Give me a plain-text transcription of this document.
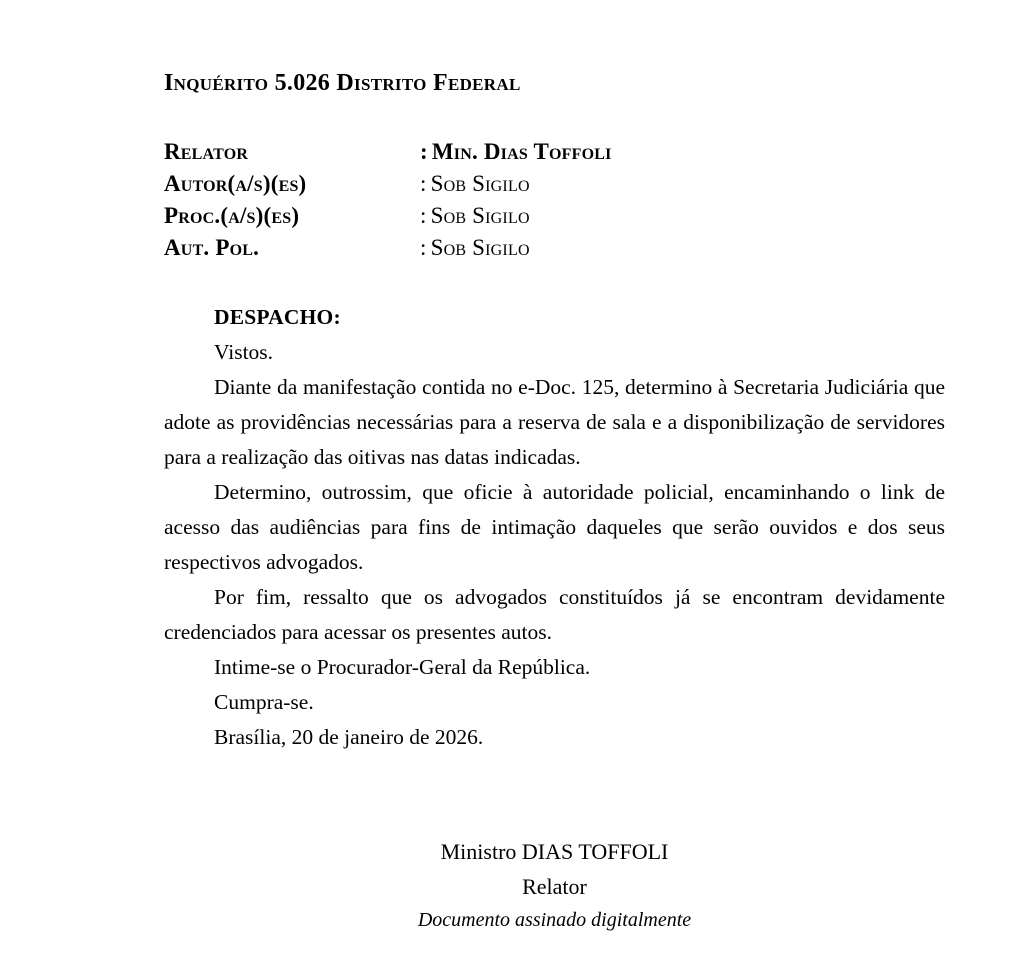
Inquérito 5.026 Distrito Federal
Relator	: Min. Dias Toffoli
Autor(a/s)(es)	: Sob Sigilo
Proc.(a/s)(es)	: Sob Sigilo
Aut. Pol.	: Sob Sigilo
DESPACHO:
Vistos.

Diante da manifestação contida no e-Doc. 125, determino à Secretaria Judiciária que adote as providências necessárias para a reserva de sala e a disponibilização de servidores para a realização das oitivas nas datas indicadas.

Determino, outrossim, que oficie à autoridade policial, encaminhando o link de acesso das audiências para fins de intimação daqueles que serão ouvidos e dos seus respectivos advogados.

Por fim, ressalto que os advogados constituídos já se encontram devidamente credenciados para acessar os presentes autos.

Intime-se o Procurador-Geral da República.
Cumpra-se.
Brasília, 20 de janeiro de 2026.
Ministro DIAS TOFFOLI
Relator
Documento assinado digitalmente
